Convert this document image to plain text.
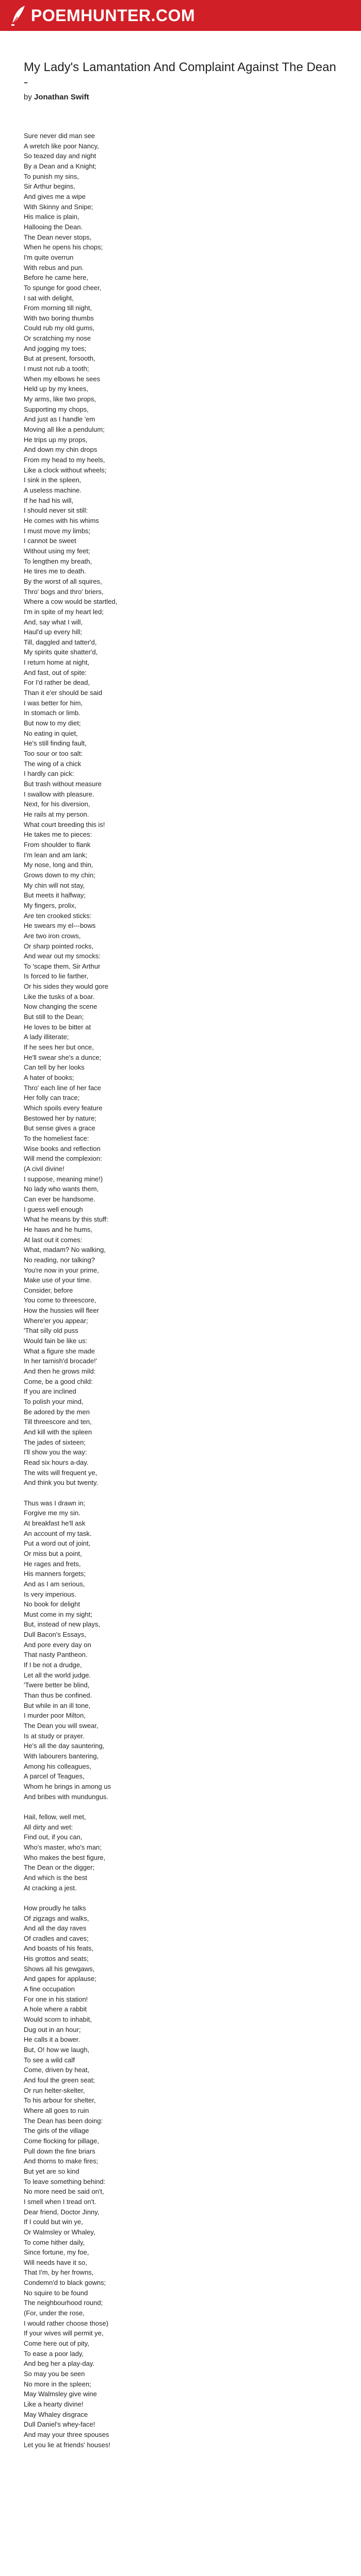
POEMHUNTER.COM
My Lady's Lamantation And Complaint Against The Dean -
by Jonathan Swift
Sure never did man see
A wretch like poor Nancy,
So teazed day and night
By a Dean and a Knight;
To punish my sins,
Sir Arthur begins,
And gives me a wipe
With Skinny and Snipe;
His malice is plain,
Hallooing the Dean.
The Dean never stops,
When he opens his chops;
I'm quite overrun
With rebus and pun.
Before he came here,
To spunge for good cheer,
I sat with delight,
From morning till night,
With two boring thumbs
Could rub my old gums,
Or scratching my nose
And jogging my toes;
But at present, forsooth,
I must not rub a tooth;
When my elbows he sees
Held up by my knees,
My arms, like two props,
Supporting my chops,
And just as I handle 'em
Moving all like a pendulum;
He trips up my props,
And down my chin drops
From my head to my heels,
Like a clock without wheels;
I sink in the spleen,
A useless machine.
If he had his will,
I should never sit still:
He comes with his whims
I must move my limbs;
I cannot be sweet
Without using my feet;
To lengthen my breath,
He tires me to death.
By the worst of all squires,
Thro' bogs and thro' briers,
Where a cow would be startled,
I'm in spite of my heart led;
And, say what I will,
Haul'd up every hill;
Till, daggled and tatter'd,
My spirits quite shatter'd,
I return home at night,
And fast, out of spite:
For I'd rather be dead,
Than it e'er should be said
I was better for him,
In stomach or limb.
But now to my diet;
No eating in quiet,
He's still finding fault,
Too sour or too salt:
The wing of a chick
I hardly can pick:
But trash without measure
I swallow with pleasure.
Next, for his diversion,
He rails at my person.
What court breeding this is!
He takes me to pieces:
From shoulder to flank
I'm lean and am lank;
My nose, long and thin,
Grows down to my chin;
My chin will not stay,
But meets it halfway;
My fingers, prolix,
Are ten crooked sticks:
He swears my el---bows
Are two iron crows,
Or sharp pointed rocks,
And wear out my smocks:
To 'scape them, Sir Arthur
Is forced to lie farther,
Or his sides they would gore
Like the tusks of a boar.
Now changing the scene
But still to the Dean;
He loves to be bitter at
A lady illiterate;
If he sees her but once,
He'll swear she's a dunce;
Can tell by her looks
A hater of books;
Thro' each line of her face
Her folly can trace;
Which spoils every feature
Bestowed her by nature;
But sense gives a grace
To the homeliest face:
Wise books and reflection
Will mend the complexion:
(A civil divine!
I suppose, meaning mine!)
No lady who wants them,
Can ever be handsome.
I guess well enough
What he means by this stuff:
He haws and he hums,
At last out it comes:
What, madam? No walking,
No reading, nor talking?
You're now in your prime,
Make use of your time.
Consider, before
You come to threescore,
How the hussies will fleer
Where'er you appear;
'That silly old puss
Would fain be like us:
What a figure she made
In her tarnish'd brocade!'
And then he grows mild:
Come, be a good child:
If you are inclined
To polish your mind,
Be adored by the men
Till threescore and ten,
And kill with the spleen
The jades of sixteen;
I'll show you the way:
Read six hours a-day.
The wits will frequent ye,
And think you but twenty.
Thus was I drawn in;
Forgive me my sin.
At breakfast he'll ask
An account of my task.
Put a word out of joint,
Or miss but a point,
He rages and frets,
His manners forgets;
And as I am serious,
Is very imperious.
No book for delight
Must come in my sight;
But, instead of new plays,
Dull Bacon's Essays,
And pore every day on
That nasty Pantheon.
If I be not a drudge,
Let all the world judge.
'Twere better be blind,
Than thus be confined.
But while in an ill tone,
I murder poor Milton,
The Dean you will swear,
Is at study or prayer.
He's all the day sauntering,
With labourers bantering,
Among his colleagues,
A parcel of Teagues,
Whom he brings in among us
And bribes with mundungus.
Hail, fellow, well met,
All dirty and wet:
Find out, if you can,
Who's master, who's man;
Who makes the best figure,
The Dean or the digger;
And which is the best
At cracking a jest.
How proudly he talks
Of zigzags and walks,
And all the day raves
Of cradles and caves;
And boasts of his feats,
His grottos and seats;
Shows all his gewgaws,
And gapes for applause;
A fine occupation
For one in his station!
A hole where a rabbit
Would scorn to inhabit,
Dug out in an hour;
He calls it a bower.
But, O! how we laugh,
To see a wild calf
Come, driven by heat,
And foul the green seat;
Or run helter-skelter,
To his arbour for shelter,
Where all goes to ruin
The Dean has been doing:
The girls of the village
Come flocking for pillage,
Pull down the fine briars
And thorns to make fires;
But yet are so kind
To leave something behind:
No more need be said on't,
I smell when I tread on't.
Dear friend, Doctor Jinny,
If I could but win ye,
Or Walmsley or Whaley,
To come hither daily,
Since fortune, my foe,
Will needs have it so,
That I'm, by her frowns,
Condemn'd to black gowns;
No squire to be found
The neighbourhood round;
(For, under the rose,
I would rather choose those)
If your wives will permit ye,
Come here out of pity,
To ease a poor lady,
And beg her a play-day.
So may you be seen
No more in the spleen;
May Walmsley give wine
Like a hearty divine!
May Whaley disgrace
Dull Daniel's whey-face!
And may your three spouses
Let you lie at friends' houses!
